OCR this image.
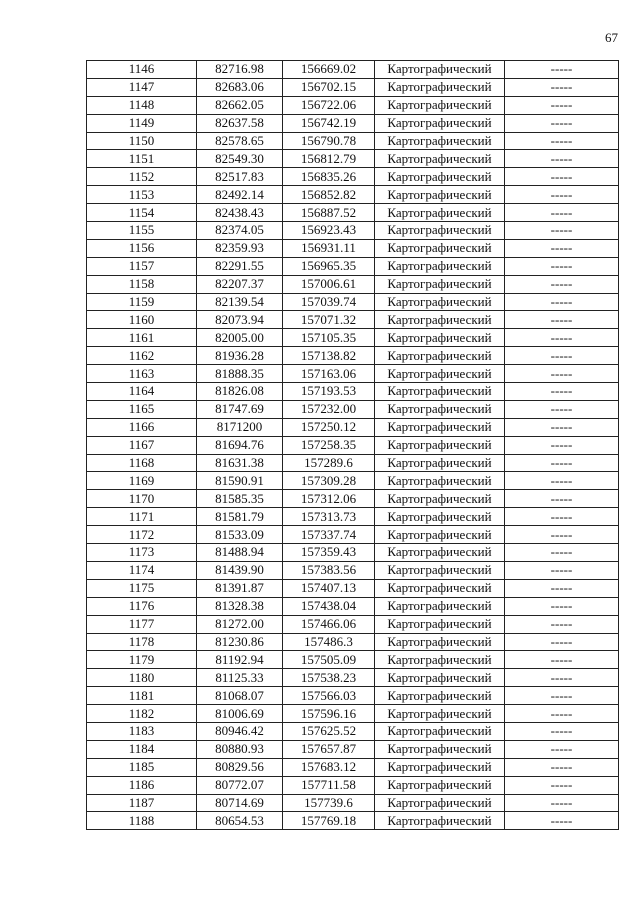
67
1146	82716.98	156669.02	Картографический	-----
1147	82683.06	156702.15	Картографический	-----
1148	82662.05	156722.06	Картографический	-----
1149	82637.58	156742.19	Картографический	-----
1150	82578.65	156790.78	Картографический	-----
1151	82549.30	156812.79	Картографический	-----
1152	82517.83	156835.26	Картографический	-----
1153	82492.14	156852.82	Картографический	-----
1154	82438.43	156887.52	Картографический	-----
1155	82374.05	156923.43	Картографический	-----
1156	82359.93	156931.11	Картографический	-----
1157	82291.55	156965.35	Картографический	-----
1158	82207.37	157006.61	Картографический	-----
1159	82139.54	157039.74	Картографический	-----
1160	82073.94	157071.32	Картографический	-----
1161	82005.00	157105.35	Картографический	-----
1162	81936.28	157138.82	Картографический	-----
1163	81888.35	157163.06	Картографический	-----
1164	81826.08	157193.53	Картографический	-----
1165	81747.69	157232.00	Картографический	-----
1166	8171200	157250.12	Картографический	-----
1167	81694.76	157258.35	Картографический	-----
1168	81631.38	157289.6	Картографический	-----
1169	81590.91	157309.28	Картографический	-----
1170	81585.35	157312.06	Картографический	-----
1171	81581.79	157313.73	Картографический	-----
1172	81533.09	157337.74	Картографический	-----
1173	81488.94	157359.43	Картографический	-----
1174	81439.90	157383.56	Картографический	-----
1175	81391.87	157407.13	Картографический	-----
1176	81328.38	157438.04	Картографический	-----
1177	81272.00	157466.06	Картографический	-----
1178	81230.86	157486.3	Картографический	-----
1179	81192.94	157505.09	Картографический	-----
1180	81125.33	157538.23	Картографический	-----
1181	81068.07	157566.03	Картографический	-----
1182	81006.69	157596.16	Картографический	-----
1183	80946.42	157625.52	Картографический	-----
1184	80880.93	157657.87	Картографический	-----
1185	80829.56	157683.12	Картографический	-----
1186	80772.07	157711.58	Картографический	-----
1187	80714.69	157739.6	Картографический	-----
1188	80654.53	157769.18	Картографический	-----
